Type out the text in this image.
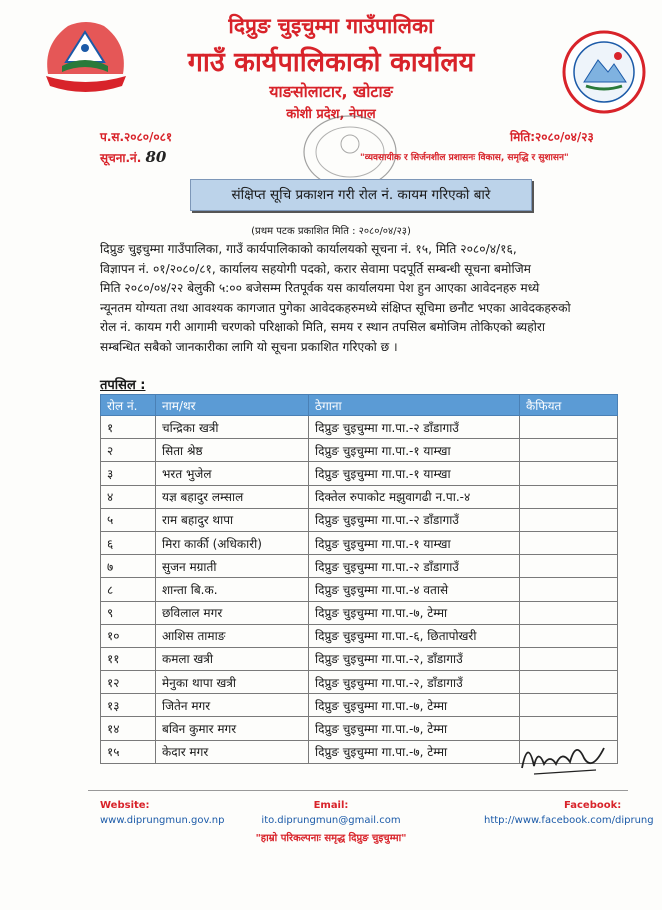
दिप्रुङ चुइचुम्मा गाउँपालिका
गाउँ कार्यपालिकाको कार्यालय
याङसोलाटार, खोटाङ
कोशी प्रदेश, नेपाल
प.स.२०८०/०८१	मिति:२०८०/०४/२३
सूचना.नं. 80	"व्यवसायीक र सिर्जनशील प्रशासनः विकास, समृद्धि र सुशासन"
संक्षिप्त सूचि प्रकाशन गरी रोल नं. कायम गरिएको बारे
(प्रथम पटक प्रकाशित मिति : २०८०/०४/२३)

दिप्रुङ चुइचुम्मा गाउँपालिका, गाउँ कार्यपालिकाको कार्यालयको सूचना नं. १५, मिति २०८०/४/१६,

विज्ञापन नं. ०१/२०८०/८१, कार्यालय सहयोगी पदको, करार सेवामा पदपूर्ति सम्बन्धी सूचना बमोजिम

मिति २०८०/०४/२२ बेलुकी ५:०० बजेसम्म रितपूर्वक यस कार्यालयमा पेश हुन आएका आवेदनहरु मध्ये

न्यूनतम योग्यता तथा आवश्यक कागजात पुगेका आवेदकहरुमध्ये संक्षिप्त सूचिमा छनौट भएका आवेदकहरुको

रोल नं. कायम गरी आगामी चरणको परिक्षाको मिति, समय र स्थान तपसिल बमोजिम तोकिएको ब्यहोरा

सम्बन्धित सबैको जानकारीका लागि यो सूचना प्रकाशित गरिएको छ ।

तपसिल :
रोल नं.	नाम/थर	ठेगाना	कैफियत
१	चन्द्रिका खत्री	दिप्रुङ चुइचुम्मा गा.पा.-२ डाँडागाउँ	
२	सिता श्रेष्ठ	दिप्रुङ चुइचुम्मा गा.पा.-१ याम्खा	
३	भरत भुजेल	दिप्रुङ चुइचुम्मा गा.पा.-१ याम्खा	
४	यज्ञ बहादुर लम्साल	दिक्तेल रुपाकोट मझुवागढी न.पा.-४	
५	राम बहादुर थापा	दिप्रुङ चुइचुम्मा गा.पा.-२ डाँडागाउँ	
६	मिरा कार्की (अधिकारी)	दिप्रुङ चुइचुम्मा गा.पा.-१ याम्खा	
७	सुजन मग्राती	दिप्रुङ चुइचुम्मा गा.पा.-२ डाँडागाउँ	
८	शान्ता बि.क.	दिप्रुङ चुइचुम्मा गा.पा.-४ वतासे	
९	छविलाल मगर	दिप्रुङ चुइचुम्मा गा.पा.-७, टेम्मा	
१०	आशिस तामाङ	दिप्रुङ चुइचुम्मा गा.पा.-६, छितापोखरी	
११	कमला खत्री	दिप्रुङ चुइचुम्मा गा.पा.-२, डाँडागाउँ	
१२	मेनुका थापा खत्री	दिप्रुङ चुइचुम्मा गा.पा.-२, डाँडागाउँ	
१३	जितेन मगर	दिप्रुङ चुइचुम्मा गा.पा.-७, टेम्मा	
१४	बविन कुमार मगर	दिप्रुङ चुइचुम्मा गा.पा.-७, टेम्मा	
१५	केदार मगर	दिप्रुङ चुइचुम्मा गा.पा.-७, टेम्मा	
Website:
www.diprungmun.gov.np
Email:
ito.diprungmun@gmail.com
"हाम्रो परिकल्पनाः समृद्ध दिप्रुङ चुइचुम्मा"
Facebook:
http://www.facebook.com/diprung
